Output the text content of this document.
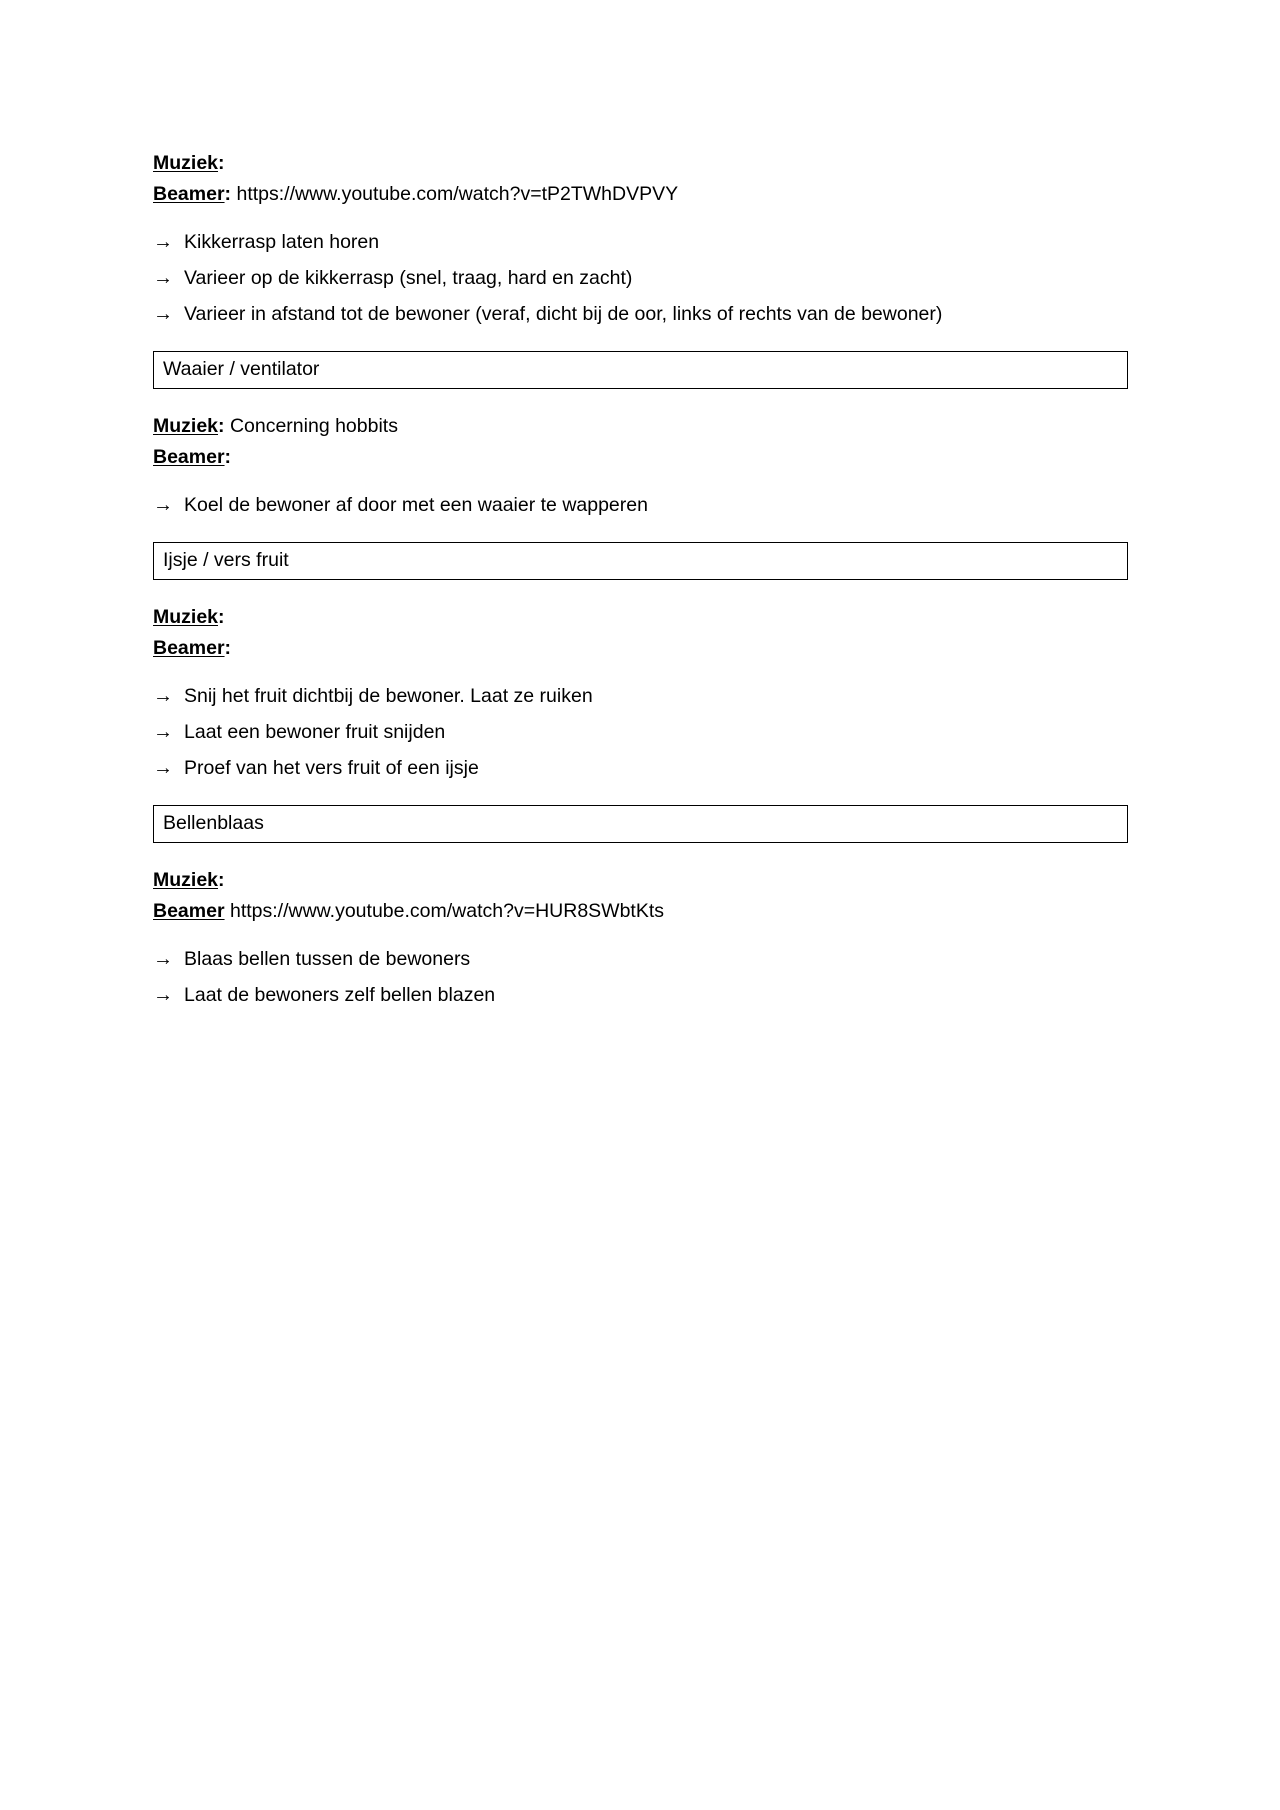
Muziek:
Beamer: https://www.youtube.com/watch?v=tP2TWhDVPVY
→ Kikkerrasp laten horen
→ Varieer op de kikkerrasp (snel, traag, hard en zacht)
→ Varieer in afstand tot de bewoner (veraf, dicht bij de oor, links of rechts van de bewoner)
Waaier / ventilator
Muziek: Concerning hobbits
Beamer:
→ Koel de bewoner af door met een waaier te wapperen
Ijsje / vers fruit
Muziek:
Beamer:
→ Snij het fruit dichtbij de bewoner. Laat ze ruiken
→ Laat een bewoner fruit snijden
→ Proef van het vers fruit of een ijsje
Bellenblaas
Muziek:
Beamer https://www.youtube.com/watch?v=HUR8SWbtKts
→ Blaas bellen tussen de bewoners
→ Laat de bewoners zelf bellen blazen
